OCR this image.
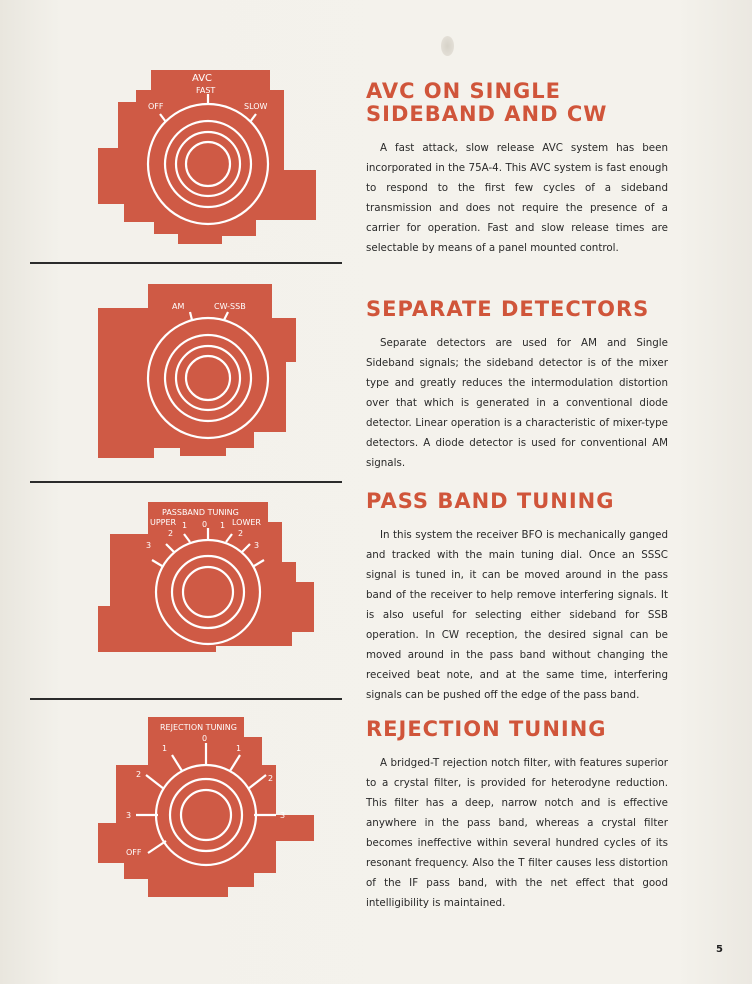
AVC
FAST
OFF	SLOW
AM	CW-SSB
PASSBAND TUNING
UPPER	LOWER
3
2
1 0 1
2
3
REJECTION TUNING
0
1	1
2	2
3	3
OFF
AVC ON SINGLE SIDEBAND AND CW

A fast attack, slow release AVC system has been incorporated in the 75A-4. This AVC system is fast enough to respond to the first few cycles of a sideband transmission and does not require the presence of a carrier for operation. Fast and slow release times are selectable by means of a panel mounted control.

SEPARATE DETECTORS

Separate detectors are used for AM and Single Sideband signals; the sideband detector is of the mixer type and greatly reduces the intermodulation distortion over that which is generated in a conventional diode detector. Linear operation is a characteristic of mixer-type detectors. A diode detector is used for conventional AM signals.

PASS BAND TUNING

In this system the receiver BFO is mechanically ganged and tracked with the main tuning dial. Once an SSSC signal is tuned in, it can be moved around in the pass band of the receiver to help remove interfering signals. It is also useful for selecting either sideband for SSB operation. In CW reception, the desired signal can be moved around in the pass band without changing the received beat note, and at the same time, interfering signals can be pushed off the edge of the pass band.

REJECTION TUNING

A bridged-T rejection notch filter, with features superior to a crystal filter, is provided for heterodyne reduction. This filter has a deep, narrow notch and is effective anywhere in the pass band, whereas a crystal filter becomes ineffective within several hundred cycles of its resonant frequency. Also the T filter causes less distortion of the IF pass band, with the net effect that good intelligibility is maintained.

5
